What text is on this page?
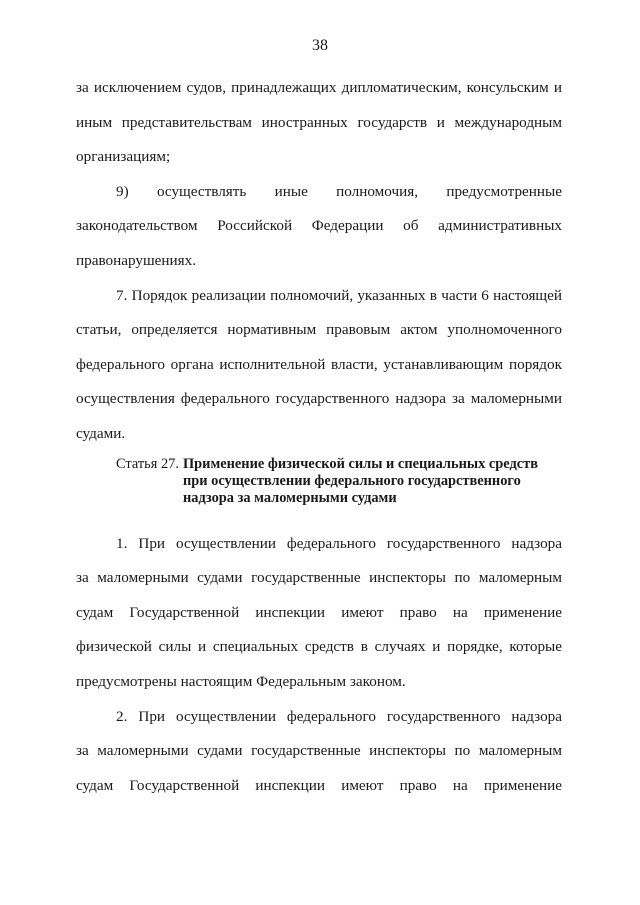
38
за исключением судов, принадлежащих дипломатическим, консульским и
иным представительствам иностранных государств и международным
организациям;
9) осуществлять иные полномочия, предусмотренные
законодательством Российской Федерации об административных
правонарушениях.
7. Порядок реализации полномочий, указанных в части 6 настоящей
статьи, определяется нормативным правовым актом уполномоченного
федерального органа исполнительной власти, устанавливающим порядок
осуществления федерального государственного надзора за маломерными
судами.
Статья 27. Применение физической силы и специальных средств
при осуществлении федерального государственного
надзора за маломерными судами
1. При осуществлении федерального государственного надзора
за маломерными судами государственные инспекторы по маломерным
судам Государственной инспекции имеют право на применение
физической силы и специальных средств в случаях и порядке, которые
предусмотрены настоящим Федеральным законом.
2. При осуществлении федерального государственного надзора
за маломерными судами государственные инспекторы по маломерным
судам Государственной инспекции имеют право на применение
